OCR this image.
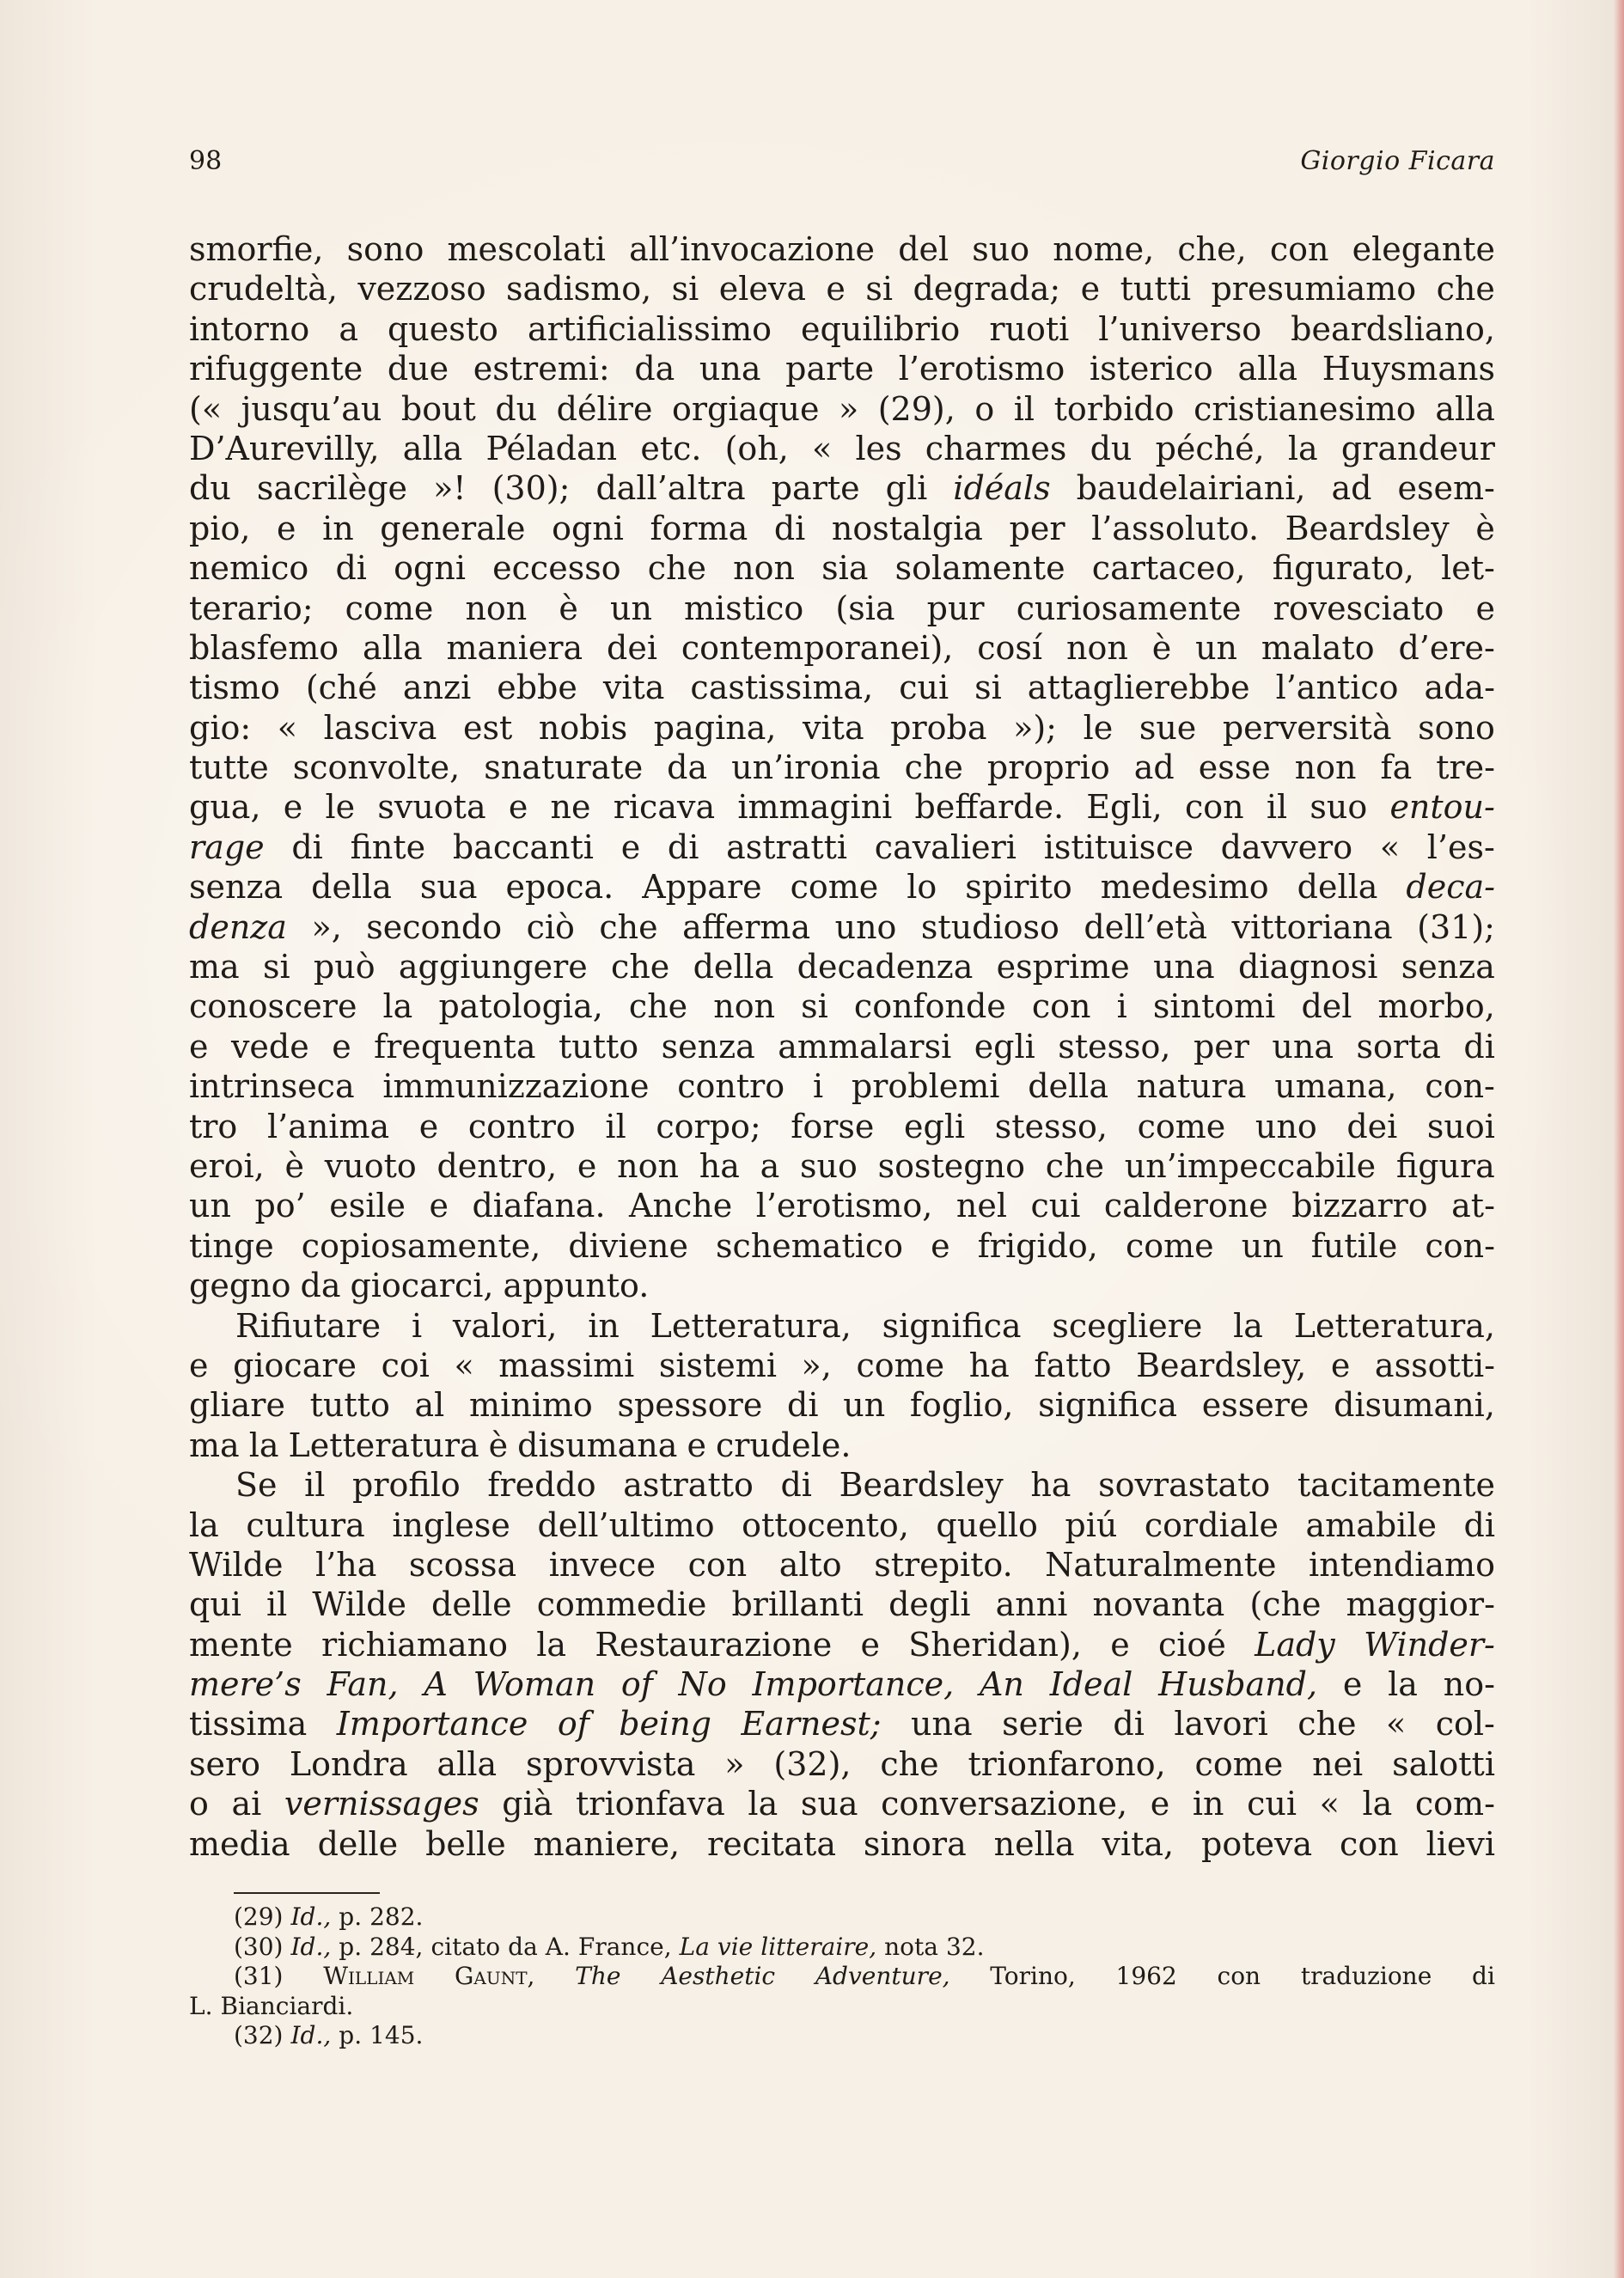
98	Giorgio Ficara
smorfie, sono mescolati all’invocazione del suo nome, che, con elegante
crudeltà, vezzoso sadismo, si eleva e si degrada; e tutti presumiamo che
intorno a questo artificialissimo equilibrio ruoti l’universo beardsliano,
rifuggente due estremi: da una parte l’erotismo isterico alla Huysmans
(« jusqu’au bout du délire orgiaque » (29), o il torbido cristianesimo alla
D’Aurevilly, alla Péladan etc. (oh, « les charmes du péché, la grandeur
du sacrilège »! (30); dall’altra parte gli idéals baudelairiani, ad esem-
pio, e in generale ogni forma di nostalgia per l’assoluto. Beardsley è
nemico di ogni eccesso che non sia solamente cartaceo, figurato, let-
terario; come non è un mistico (sia pur curiosamente rovesciato e
blasfemo alla maniera dei contemporanei), cosí non è un malato d’ere-
tismo (ché anzi ebbe vita castissima, cui si attaglierebbe l’antico ada-
gio: « lasciva est nobis pagina, vita proba »); le sue perversità sono
tutte sconvolte, snaturate da un’ironia che proprio ad esse non fa tre-
gua, e le svuota e ne ricava immagini beffarde. Egli, con il suo entou-
rage di finte baccanti e di astratti cavalieri istituisce davvero « l’es-
senza della sua epoca. Appare come lo spirito medesimo della deca-
denza », secondo ciò che afferma uno studioso dell’età vittoriana (31);
ma si può aggiungere che della decadenza esprime una diagnosi senza
conoscere la patologia, che non si confonde con i sintomi del morbo,
e vede e frequenta tutto senza ammalarsi egli stesso, per una sorta di
intrinseca immunizzazione contro i problemi della natura umana, con-
tro l’anima e contro il corpo; forse egli stesso, come uno dei suoi
eroi, è vuoto dentro, e non ha a suo sostegno che un’impeccabile figura
un po’ esile e diafana. Anche l’erotismo, nel cui calderone bizzarro at-
tinge copiosamente, diviene schematico e frigido, come un futile con-
gegno da giocarci, appunto.
Rifiutare i valori, in Letteratura, significa scegliere la Letteratura,
e giocare coi « massimi sistemi », come ha fatto Beardsley, e assotti-
gliare tutto al minimo spessore di un foglio, significa essere disumani,
ma la Letteratura è disumana e crudele.
Se il profilo freddo astratto di Beardsley ha sovrastato tacitamente
la cultura inglese dell’ultimo ottocento, quello piú cordiale amabile di
Wilde l’ha scossa invece con alto strepito. Naturalmente intendiamo
qui il Wilde delle commedie brillanti degli anni novanta (che maggior-
mente richiamano la Restaurazione e Sheridan), e cioé Lady Winder-
mere’s Fan, A Woman of No Importance, An Ideal Husband, e la no-
tissima Importance of being Earnest; una serie di lavori che « col-
sero Londra alla sprovvista » (32), che trionfarono, come nei salotti
o ai vernissages già trionfava la sua conversazione, e in cui « la com-
media delle belle maniere, recitata sinora nella vita, poteva con lievi
(29) Id., p. 282.
(30) Id., p. 284, citato da A. France, La vie litteraire, nota 32.
(31) William Gaunt, The Aesthetic Adventure, Torino, 1962 con traduzione di
L. Bianciardi.
(32) Id., p. 145.
